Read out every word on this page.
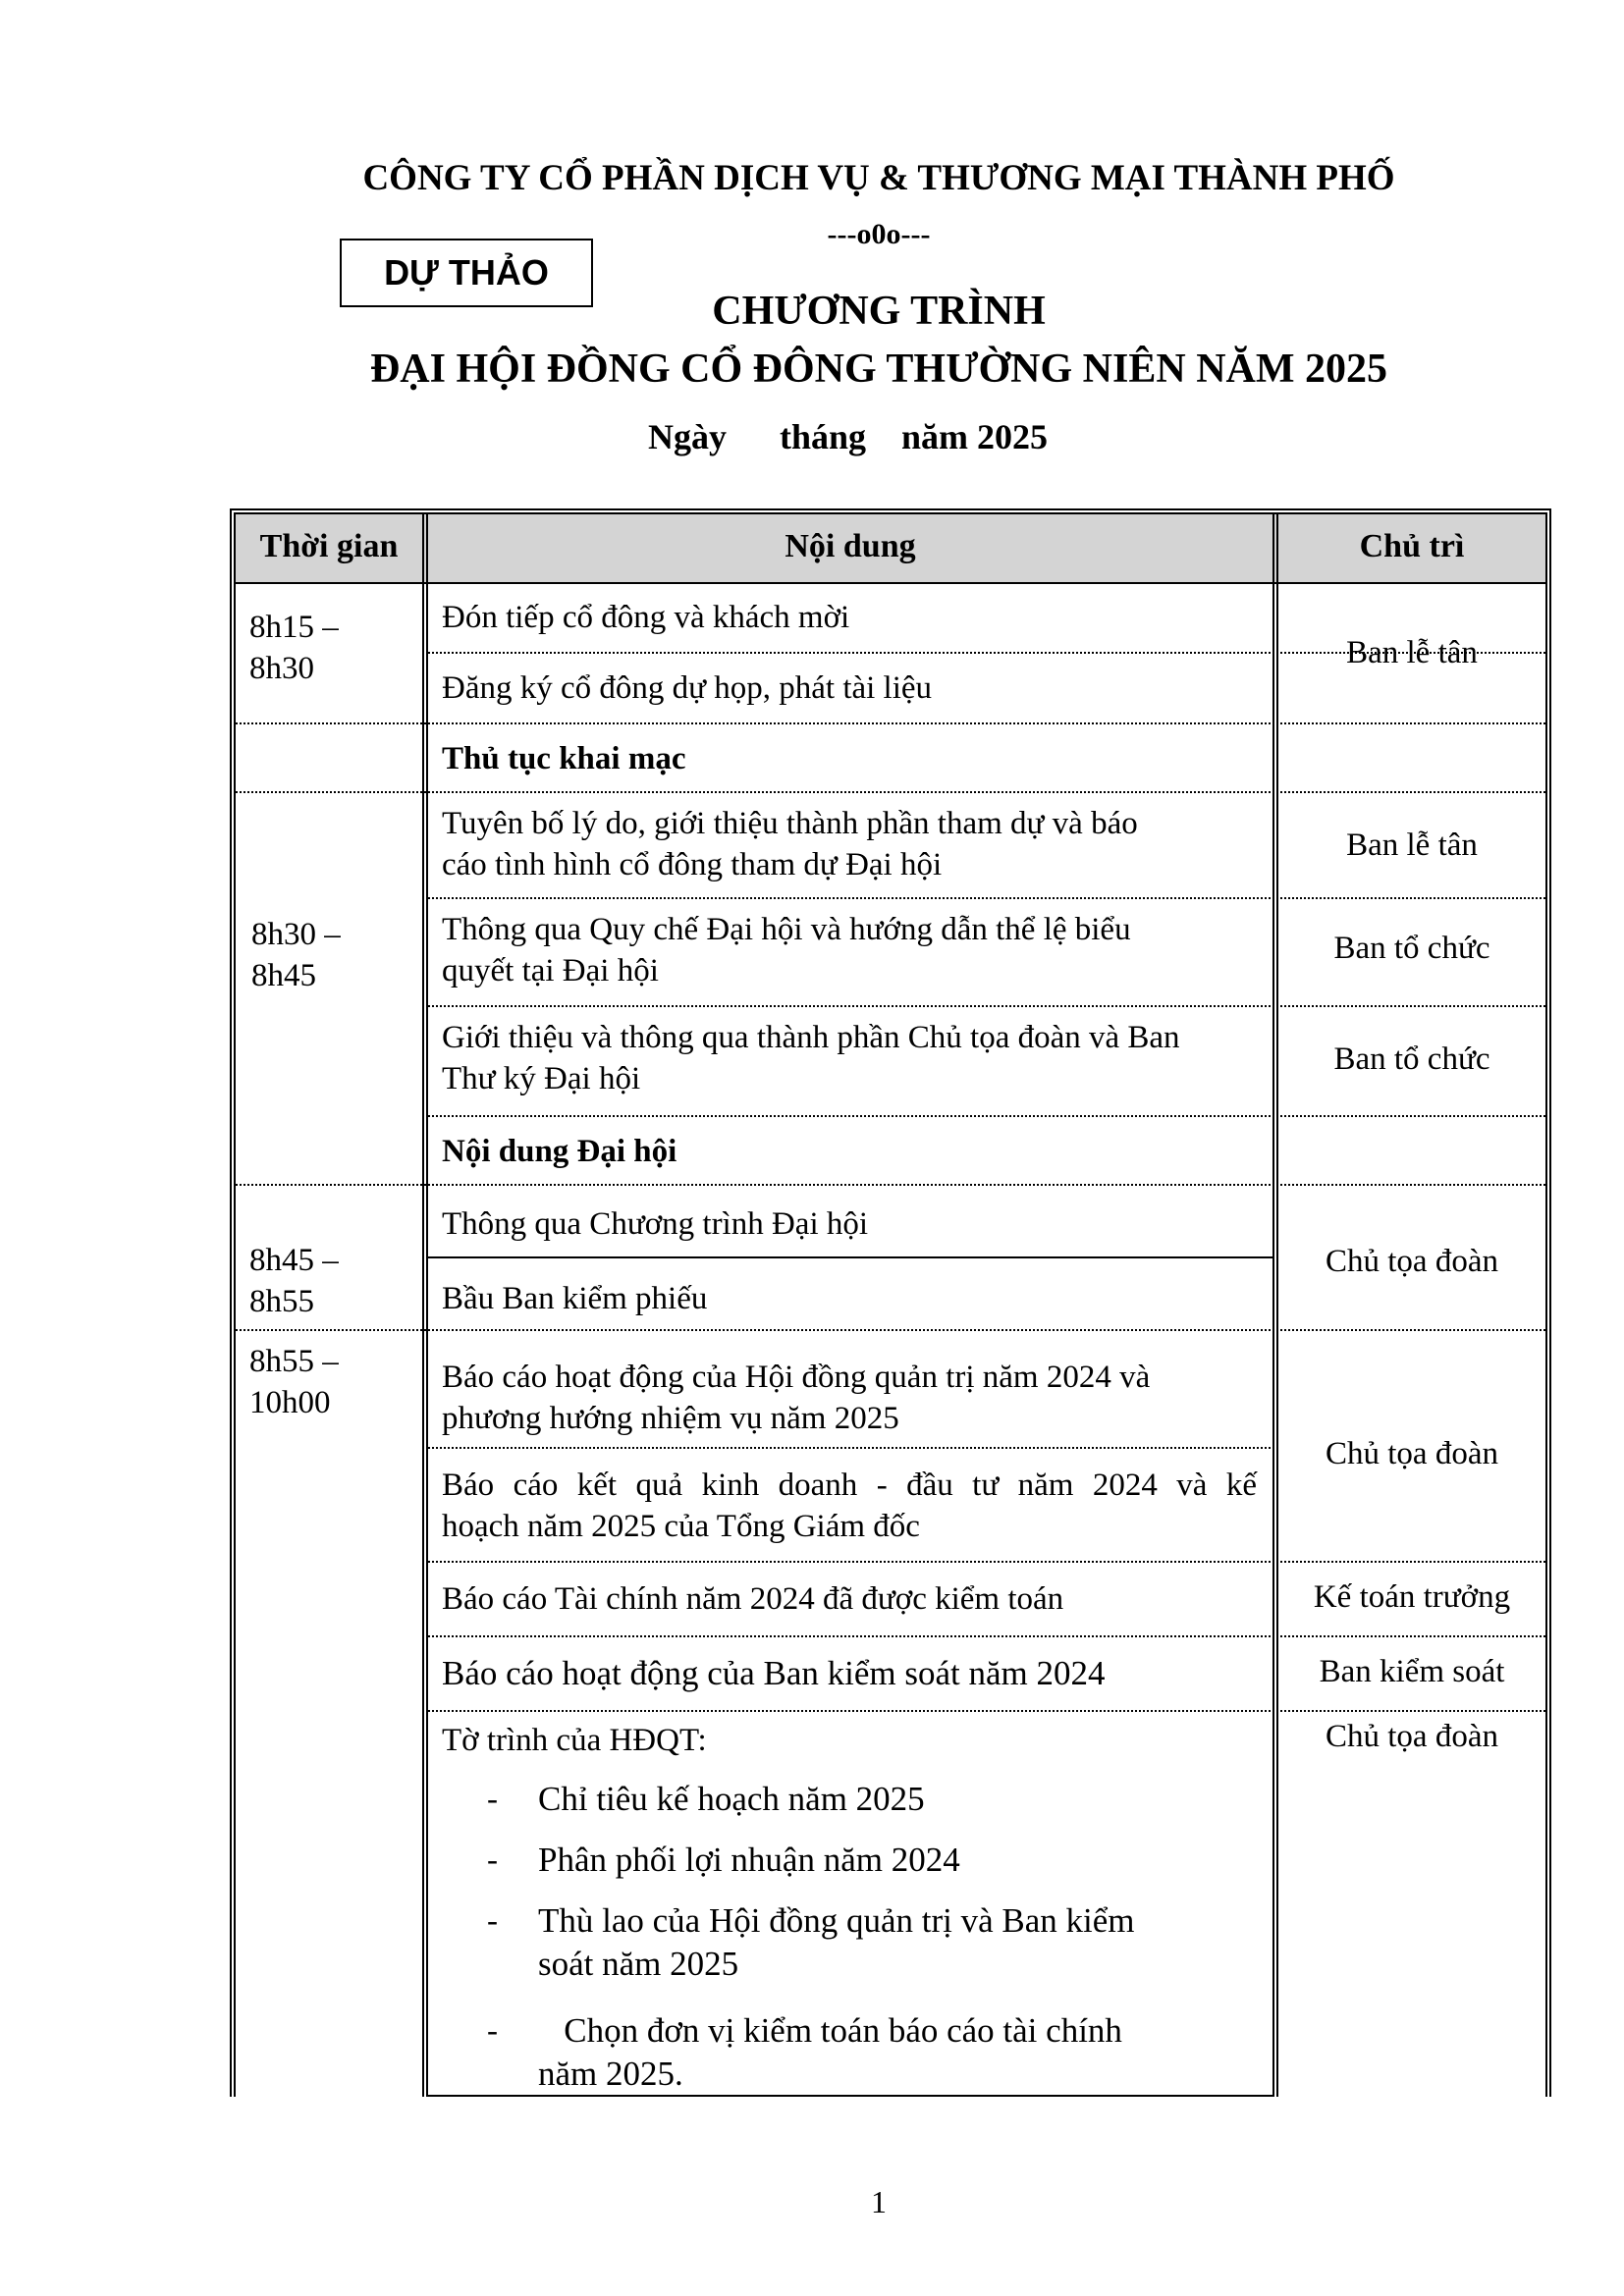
CÔNG TY CỔ PHẦN DỊCH VỤ & THƯƠNG MẠI THÀNH PHỐ
---o0o---
DỰ THẢO
CHƯƠNG TRÌNH
ĐẠI HỘI ĐỒNG CỔ ĐÔNG THƯỜNG NIÊN NĂM 2025
Ngày      tháng    năm 2025
Thời gian	Nội dung	Chủ trì
8h15 –
8h30
8h30 –
8h45
8h45 –
8h55
8h55 –
10h00
Đón tiếp cổ đông và khách mời
Đăng ký cổ đông dự họp, phát tài liệu
Thủ tục khai mạc
Tuyên bố lý do, giới thiệu thành phần tham dự và báo
cáo tình hình cổ đông tham dự Đại hội
Thông qua Quy chế Đại hội và hướng dẫn thể lệ biểu
quyết tại Đại hội
Giới thiệu và thông qua thành phần Chủ tọa đoàn và Ban
Thư ký Đại hội
Nội dung Đại hội
Thông qua Chương trình Đại hội
Bầu Ban kiểm phiếu
Báo cáo hoạt động của Hội đồng quản trị năm 2024 và
phương hướng nhiệm vụ năm 2025
Báo cáo kết quả kinh doanh - đầu tư năm 2024 và kế
hoạch năm 2025 của Tổng Giám đốc
Báo cáo Tài chính năm 2024 đã được kiểm toán
Báo cáo hoạt động của Ban kiểm soát năm 2024
Tờ trình của HĐQT:
- Chỉ tiêu kế hoạch năm 2025
- Phân phối lợi nhuận năm 2024
- Thù lao của Hội đồng quản trị và Ban kiểm
soát năm 2025
- Chọn đơn vị kiểm toán báo cáo tài chính
năm 2025.
Ban lễ tân
Ban lễ tân
Ban tổ chức
Ban tổ chức
Chủ tọa đoàn
Chủ tọa đoàn
Kế toán trưởng
Ban kiểm soát
Chủ tọa đoàn
1
